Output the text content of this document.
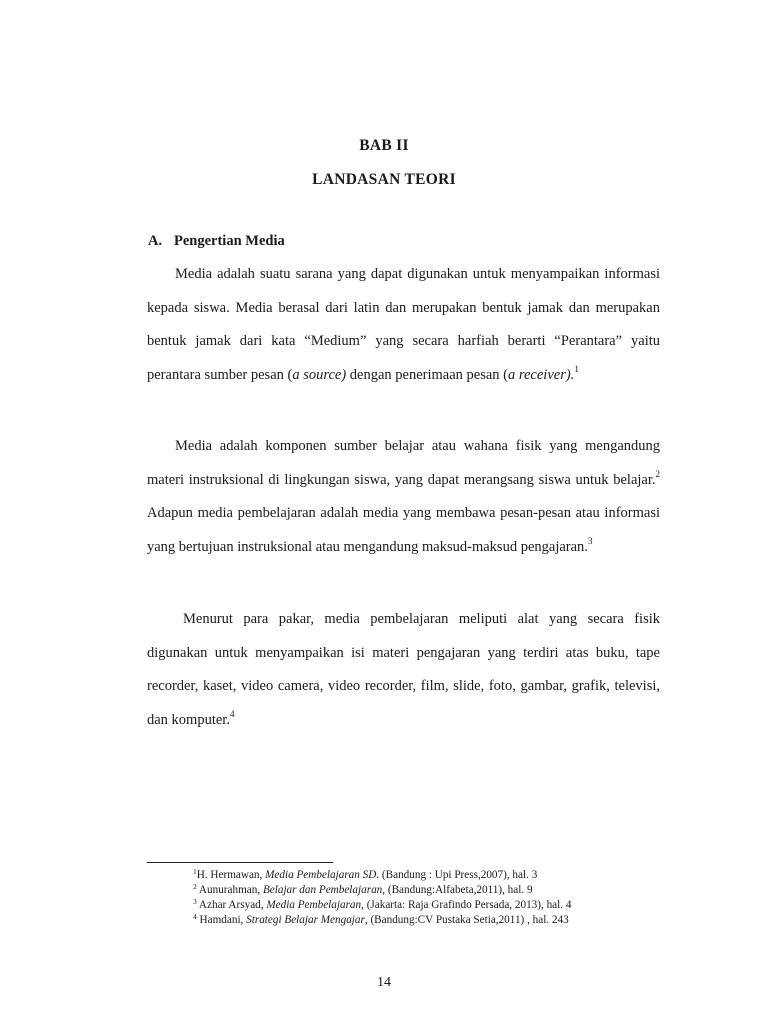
BAB II
LANDASAN TEORI
A. Pengertian Media

Media adalah suatu sarana yang dapat digunakan untuk menyampaikan informasi kepada siswa. Media berasal dari latin dan merupakan bentuk jamak dan merupakan bentuk jamak dari kata “Medium” yang secara harfiah berarti “Perantara” yaitu perantara sumber pesan (a source) dengan penerimaan pesan (a receiver).$^1$

Media adalah komponen sumber belajar atau wahana fisik yang mengandung materi instruksional di lingkungan siswa, yang dapat merangsang siswa untuk belajar.$^2$ Adapun media pembelajaran adalah media yang membawa pesan-pesan atau informasi yang bertujuan instruksional atau mengandung maksud-maksud pengajaran.$^3$

Menurut para pakar, media pembelajaran meliputi alat yang secara fisik digunakan untuk menyampaikan isi materi pengajaran yang terdiri atas buku, tape recorder, kaset, video camera, video recorder, film, slide, foto, gambar, grafik, televisi, dan komputer.$^4$

$^1$H. Hermawan, Media Pembelajaran SD. (Bandung : Upi Press,2007), hal. 3
$^2$ Aunurahman, Belajar dan Pembelajaran, (Bandung:Alfabeta,2011), hal. 9
$^3$ Azhar Arsyad, Media Pembelajaran, (Jakarta: Raja Grafindo Persada, 2013), hal. 4
$^4$ Hamdani, Strategi Belajar Mengajar, (Bandung:CV Pustaka Setia,2011) , hal. 243
14
